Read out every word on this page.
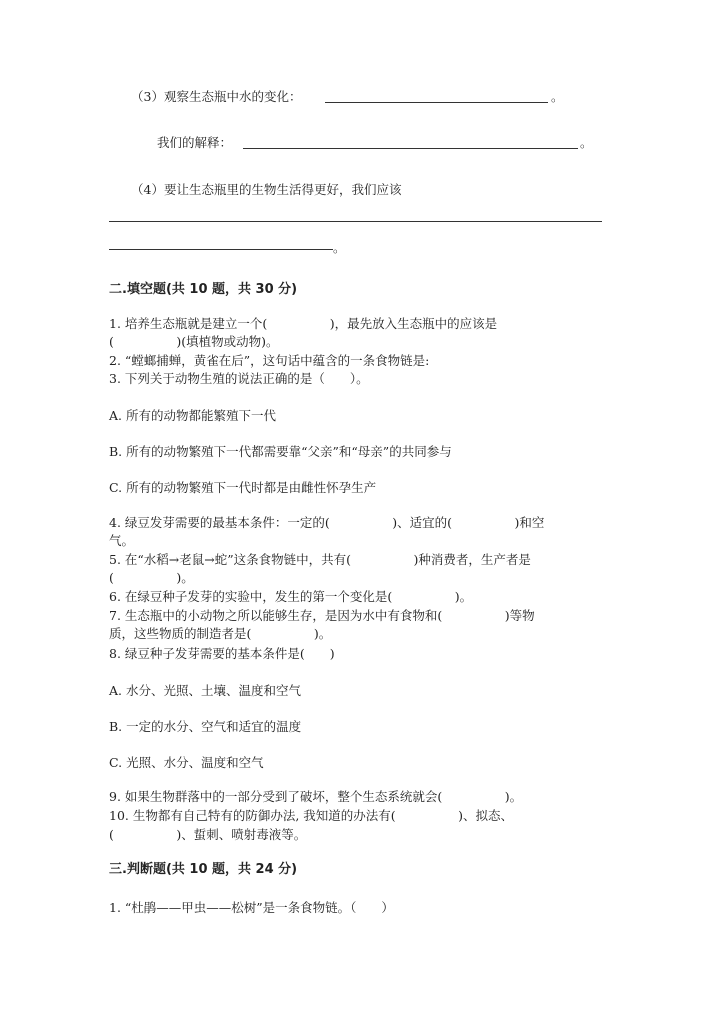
（3）观察生态瓶中水的变化：	。
我们的解释：	。
（4）要让生态瓶里的生物生活得更好，我们应该
。
二.填空题(共 10 题，共 30 分)
1. 培养生态瓶就是建立一个(　　　　　)，最先放入生态瓶中的应该是
(　　　　　)(填植物或动物)。
2. “螳螂捕蝉，黄雀在后”，这句话中蕴含的一条食物链是:
3. 下列关于动物生殖的说法正确的是（　　）。
A. 所有的动物都能繁殖下一代
B. 所有的动物繁殖下一代都需要靠“父亲”和“母亲”的共同参与
C. 所有的动物繁殖下一代时都是由雌性怀孕生产
4. 绿豆发芽需要的最基本条件：一定的(　　　　　)、适宜的(　　　　　)和空
气。
5. 在“水稻→老鼠→蛇”这条食物链中，共有(　　　　　)种消费者，生产者是
(　　　　　)。
6. 在绿豆种子发芽的实验中，发生的第一个变化是(　　　　　)。
7. 生态瓶中的小动物之所以能够生存，是因为水中有食物和(　　　　　)等物
质，这些物质的制造者是(　　　　　)。
8. 绿豆种子发芽需要的基本条件是(　　)
A. 水分、光照、土壤、温度和空气
B. 一定的水分、空气和适宜的温度
C. 光照、水分、温度和空气
9. 如果生物群落中的一部分受到了破坏，整个生态系统就会(　　　　　)。
10. 生物都有自己特有的防御办法, 我知道的办法有(　　　　　)、拟态、
(　　　　　)、蜇刺、喷射毒液等。
三.判断题(共 10 题，共 24 分)
1. “杜鹃——甲虫——松树”是一条食物链。（　　）
